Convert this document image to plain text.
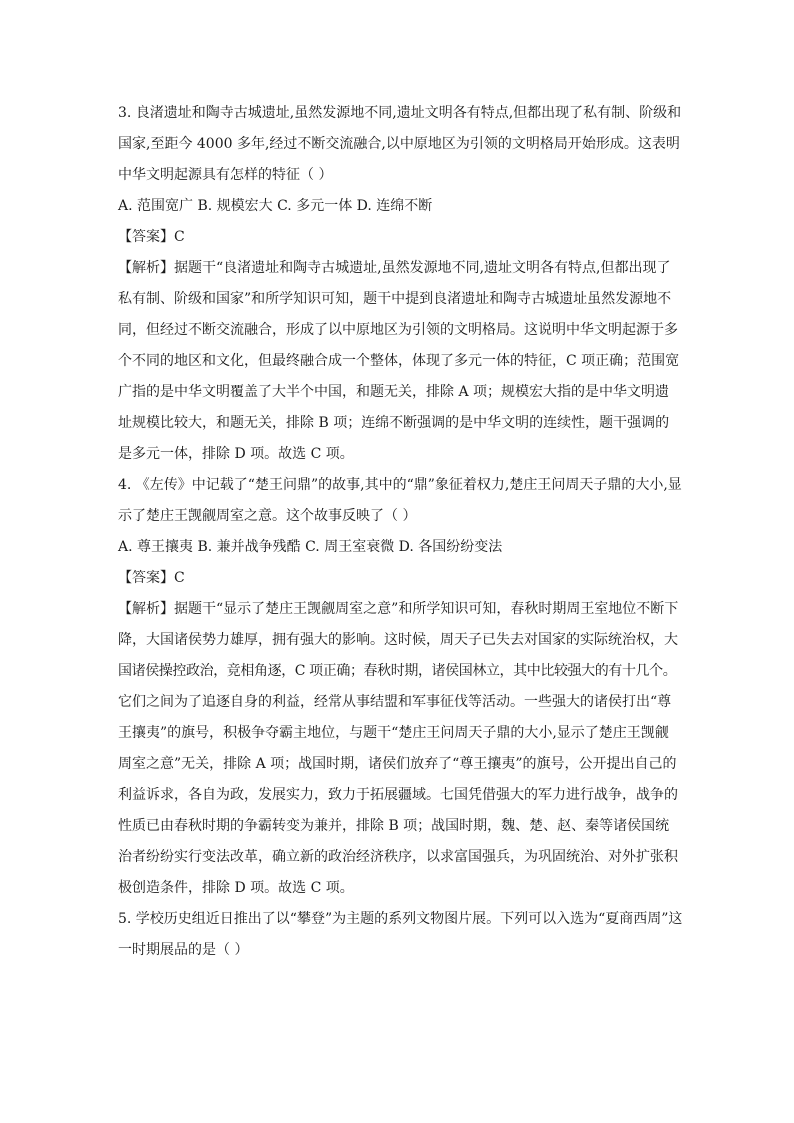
3. 良渚遗址和陶寺古城遗址,虽然发源地不同,遗址文明各有特点,但都出现了私有制、阶级和
国家,至距今 4000 多年,经过不断交流融合,以中原地区为引领的文明格局开始形成。这表明
中华文明起源具有怎样的特征（ ）
A. 范围宽广 B. 规模宏大 C. 多元一体 D. 连绵不断
【答案】C
【解析】据题干“良渚遗址和陶寺古城遗址,虽然发源地不同,遗址文明各有特点,但都出现了
私有制、阶级和国家”和所学知识可知，题干中提到良渚遗址和陶寺古城遗址虽然发源地不
同，但经过不断交流融合，形成了以中原地区为引领的文明格局。这说明中华文明起源于多
个不同的地区和文化，但最终融合成一个整体，体现了多元一体的特征，C 项正确；范围宽
广指的是中华文明覆盖了大半个中国，和题无关，排除 A 项；规模宏大指的是中华文明遗
址规模比较大，和题无关，排除 B 项；连绵不断强调的是中华文明的连续性，题干强调的
是多元一体，排除 D 项。故选 C 项。
4. 《左传》中记载了“楚王问鼎”的故事,其中的“鼎”象征着权力,楚庄王问周天子鼎的大小,显
示了楚庄王觊觎周室之意。这个故事反映了（ ）
A. 尊王攘夷 B. 兼并战争残酷 C. 周王室衰微 D. 各国纷纷变法
【答案】C
【解析】据题干“显示了楚庄王觊觎周室之意”和所学知识可知，春秋时期周王室地位不断下
降，大国诸侯势力雄厚，拥有强大的影响。这时候，周天子已失去对国家的实际统治权，大
国诸侯操控政治，竞相角逐，C 项正确；春秋时期，诸侯国林立，其中比较强大的有十几个。
它们之间为了追逐自身的利益，经常从事结盟和军事征伐等活动。一些强大的诸侯打出“尊
王攘夷”的旗号，积极争夺霸主地位，与题干“楚庄王问周天子鼎的大小,显示了楚庄王觊觎
周室之意”无关，排除 A 项；战国时期，诸侯们放弃了“尊王攘夷”的旗号，公开提出自己的
利益诉求，各自为政，发展实力，致力于拓展疆域。七国凭借强大的军力进行战争，战争的
性质已由春秋时期的争霸转变为兼并，排除 B 项；战国时期，魏、楚、赵、秦等诸侯国统
治者纷纷实行变法改革，确立新的政治经济秩序，以求富国强兵，为巩固统治、对外扩张积
极创造条件，排除 D 项。故选 C 项。
5. 学校历史组近日推出了以“攀登”为主题的系列文物图片展。下列可以入选为“夏商西周”这
一时期展品的是（ ）
